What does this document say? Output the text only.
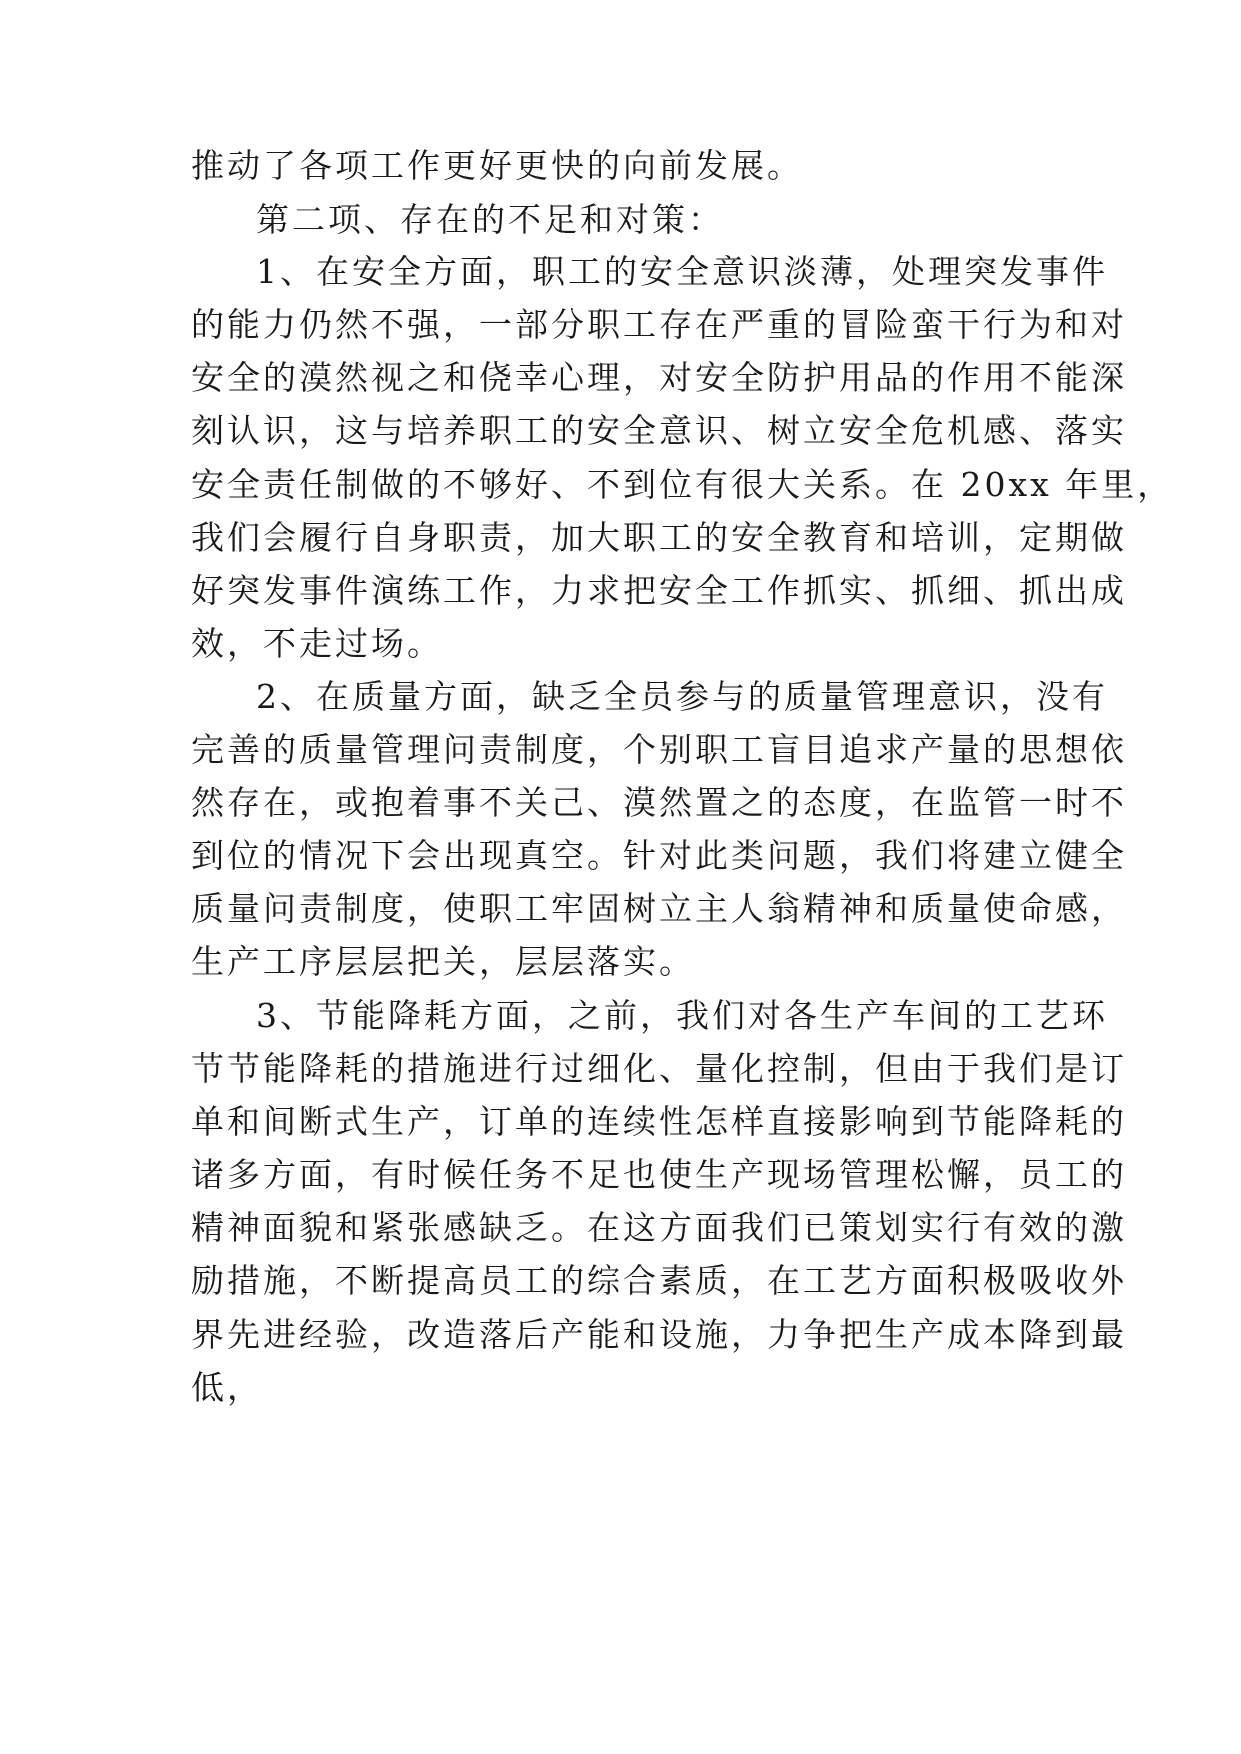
推动了各项工作更好更快的向前发展。
第二项、存在的不足和对策：
1、在安全方面，职工的安全意识淡薄，处理突发事件
的能力仍然不强，一部分职工存在严重的冒险蛮干行为和对
安全的漠然视之和侥幸心理，对安全防护用品的作用不能深
刻认识，这与培养职工的安全意识、树立安全危机感、落实
安全责任制做的不够好、不到位有很大关系。在 20xx 年里，
我们会履行自身职责，加大职工的安全教育和培训，定期做
好突发事件演练工作，力求把安全工作抓实、抓细、抓出成
效，不走过场。
2、在质量方面，缺乏全员参与的质量管理意识，没有
完善的质量管理问责制度，个别职工盲目追求产量的思想依
然存在，或抱着事不关己、漠然置之的态度，在监管一时不
到位的情况下会出现真空。针对此类问题，我们将建立健全
质量问责制度，使职工牢固树立主人翁精神和质量使命感，
生产工序层层把关，层层落实。
3、节能降耗方面，之前，我们对各生产车间的工艺环
节节能降耗的措施进行过细化、量化控制，但由于我们是订
单和间断式生产，订单的连续性怎样直接影响到节能降耗的
诸多方面，有时候任务不足也使生产现场管理松懈，员工的
精神面貌和紧张感缺乏。在这方面我们已策划实行有效的激
励措施，不断提高员工的综合素质，在工艺方面积极吸收外
界先进经验，改造落后产能和设施，力争把生产成本降到最
低，
